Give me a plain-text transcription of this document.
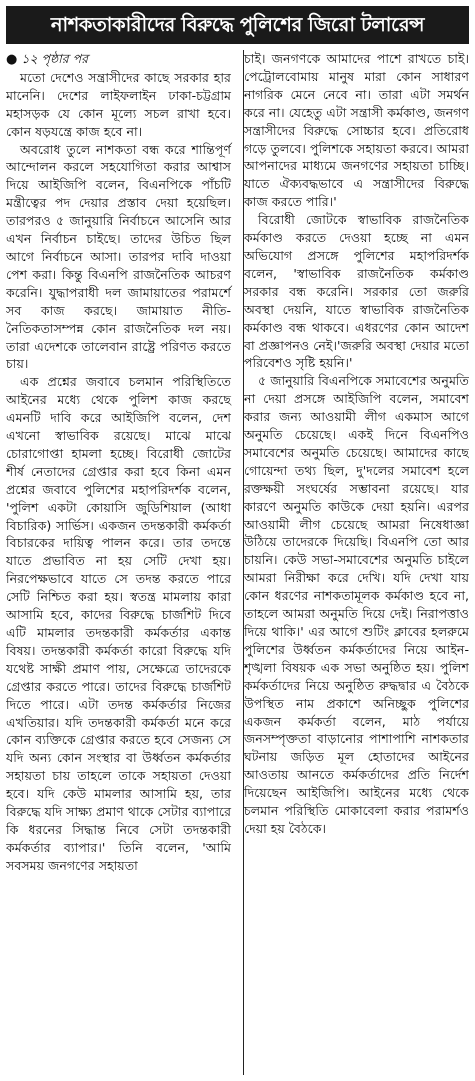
নাশকতাকারীদের বিরুদ্ধে পুলিশের জিরো টলারেন্স
● ১২ পৃষ্ঠার পর

মতো দেশেও সন্ত্রাসীদের কাছে সরকার হার মানেনি। দেশের লাইফলাইন ঢাকা-চট্টগ্রাম মহাসড়ক যে কোন মূল্যে সচল রাখা হবে। কোন ষড়যন্ত্রে কাজ হবে না।

অবরোধ তুলে নাশকতা বন্ধ করে শান্তিপূর্ণ আন্দোলন করলে সহযোগিতা করার আশ্বাস দিয়ে আইজিপি বলেন, বিএনপিকে পাঁচটি মন্ত্রীত্বের পদ দেয়ার প্রস্তাব দেয়া হয়েছিল। তারপরও ৫ জানুয়ারি নির্বাচনে আসেনি আর এখন নির্বাচন চাইছে। তাদের উচিত ছিল আগে নির্বাচনে আসা। তারপর দাবি দাওয়া পেশ করা। কিন্তু বিএনপি রাজনৈতিক আচরণ করেনি। যুদ্ধাপরাধী দল জামায়াতের পরামর্শে সব কাজ করছে। জামায়াত নীতি-নৈতিকতাসম্পন্ন কোন রাজনৈতিক দল নয়। তারা এদেশকে তালেবান রাষ্ট্রে পরিণত করতে চায়।

এক প্রশ্নের জবাবে চলমান পরিস্থিতিতে আইনের মধ্যে থেকে পুলিশ কাজ করছে এমনটি দাবি করে আইজিপি বলেন, দেশ এখনো স্বাভাবিক রয়েছে। মাঝে মাঝে চোরাগোপ্তা হামলা হচ্ছে। বিরোধী জোটের শীর্ষ নেতাদের গ্রেপ্তার করা হবে কিনা এমন প্রশ্নের জবাবে পুলিশের মহাপরিদর্শক বলেন, 'পুলিশ একটা কোয়াসি জুডিশিয়াল (আধা বিচারিক) সার্ভিস। একজন তদন্তকারী কর্মকর্তা বিচারকের দায়িত্ব পালন করে। তার তদন্তে যাতে প্রভাবিত না হয় সেটি দেখা হয়। নিরপেক্ষভাবে যাতে সে তদন্ত করতে পারে সেটি নিশ্চিত করা হয়। স্বতন্ত্র মামলায় কারা আসামি হবে, কাদের বিরুদ্ধে চার্জশিট দিবে এটি মামলার তদন্তকারী কর্মকর্তার একান্ত বিষয়। তদন্তকারী কর্মকর্তা কারো বিরুদ্ধে যদি যথেষ্ট সাক্ষী প্রমাণ পায়, সেক্ষেত্রে তাদেরকে গ্রেপ্তার করতে পারে। তাদের বিরুদ্ধে চার্জশিট দিতে পারে। এটা তদন্ত কর্মকর্তার নিজের এখতিয়ার। যদি তদন্তকারী কর্মকর্তা মনে করে কোন ব্যক্তিকে গ্রেপ্তার করতে হবে সেজন্য সে যদি অন্য কোন সংস্থার বা উর্ধ্বতন কর্মকর্তার সহায়তা চায় তাহলে তাকে সহায়তা দেওয়া হবে। যদি কেউ মামলার আসামি হয়, তার বিরুদ্ধে যদি সাক্ষ্য প্রমাণ থাকে সেটার ব্যাপারে কি ধরনের সিদ্ধান্ত নিবে সেটা তদন্তকারী কর্মকর্তার ব্যাপার।' তিনি বলেন, 'আমি সবসময় জনগণের সহায়তা

চাই। জনগণকে আমাদের পাশে রাখতে চাই। পেট্রোলবোমায় মানুষ মারা কোন সাধারণ নাগরিক মেনে নেবে না। তারা এটা সমর্থন করে না। যেহেতু এটা সন্ত্রাসী কর্মকাণ্ড, জনগণ সন্ত্রাসীদের বিরুদ্ধে সোচ্চার হবে। প্রতিরোধ গড়ে তুলবে। পুলিশকে সহায়তা করবে। আমরা আপনাদের মাধ্যমে জনগণের সহায়তা চাচ্ছি। যাতে ঐক্যবদ্ধভাবে এ সন্ত্রাসীদের বিরুদ্ধে কাজ করতে পারি।'

বিরোধী জোটকে স্বাভাবিক রাজনৈতিক কর্মকাণ্ড করতে দেওয়া হচ্ছে না এমন অভিযোগ প্রসঙ্গে পুলিশের মহাপরিদর্শক বলেন, 'স্বাভাবিক রাজনৈতিক কর্মকাণ্ড সরকার বন্ধ করেনি। সরকার তো জরুরি অবস্থা দেয়নি, যাতে স্বাভাবিক রাজনৈতিক কর্মকাণ্ড বন্ধ থাকবে। এধরণের কোন আদেশ বা প্রজ্ঞাপনও নেই।'জরুরি অবস্থা দেয়ার মতো পরিবেশও সৃষ্টি হয়নি।'

৫ জানুয়ারি বিএনপিকে সমাবেশের অনুমতি না দেয়া প্রসঙ্গে আইজিপি বলেন, সমাবেশ করার জন্য আওয়ামী লীগ একমাস আগে অনুমতি চেয়েছে। একই দিনে বিএনপিও সমাবেশের অনুমতি চেয়েছে। আমাদের কাছে গোয়েন্দা তথ্য ছিল, দু'দলের সমাবেশ হলে রক্তক্ষয়ী সংঘর্ষের সম্ভাবনা রয়েছে। যার কারণে অনুমতি কাউকে দেয়া হয়নি। এরপর আওয়ামী লীগ চেয়েছে আমরা নিষেধাজ্ঞা উঠিয়ে তাদেরকে দিয়েছি। বিএনপি তো আর চায়নি। কেউ সভা-সমাবেশের অনুমতি চাইলে আমরা নিরীক্ষা করে দেখি। যদি দেখা যায় কোন ধরণের নাশকতামূলক কর্মকাণ্ড হবে না, তাহলে আমরা অনুমতি দিয়ে দেই। নিরাপত্তাও দিয়ে থাকি।' এর আগে শুটিং ক্লাবের হলরুমে পুলিশের উর্ধ্বতন কর্মকর্তাদের নিয়ে আইন-শৃঙ্খলা বিষয়ক এক সভা অনুষ্ঠিত হয়। পুলিশ কর্মকর্তাদের নিয়ে অনুষ্ঠিত রুদ্ধদ্বার এ বৈঠকে উপস্থিত নাম প্রকাশে অনিচ্ছুক পুলিশের একজন কর্মকর্তা বলেন, মাঠ পর্যায়ে জনসম্পৃক্ততা বাড়ানোর পাশাপাশি নাশকতার ঘটনায় জড়িত মূল হোতাদের আইনের আওতায় আনতে কর্মকর্তাদের প্রতি নির্দেশ দিয়েছেন আইজিপি। আইনের মধ্যে থেকে চলমান পরিস্থিতি মোকাবেলা করার পরামর্শও দেয়া হয় বৈঠকে।
